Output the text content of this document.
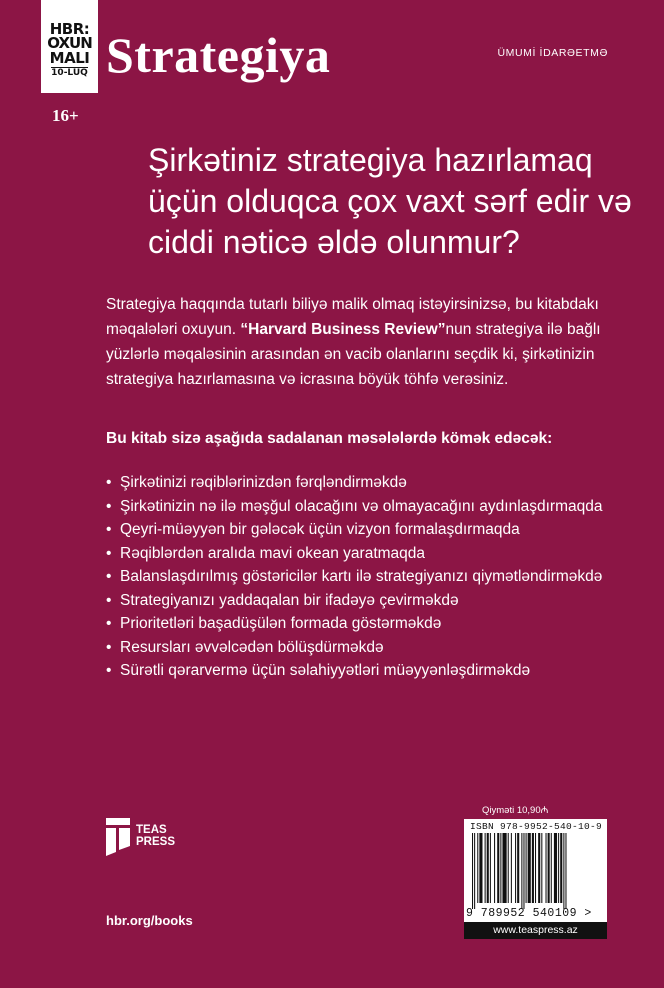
HBR:
OXUN
MALI
10-LUQ
16+
Strategiya	ÜMUMİ İDARƏETMƏ
Şirkətiniz strategiya hazırlamaq üçün olduqca çox vaxt sərf edir və ciddi nəticə əldə olunmur?

Strategiya haqqında tutarlı biliyə malik olmaq istəyirsinizsə, bu kitabdakı məqalələri oxuyun. “Harvard Business Review”nun strategiya ilə bağlı yüzlərlə məqaləsinin arasından ən vacib olanlarını seçdik ki, şirkətinizin strategiya hazırlamasına və icrasına böyük töhfə verəsiniz.

Bu kitab sizə aşağıda sadalanan məsələlərdə kömək edəcək:

• Şirkətinizi rəqiblərinizdən fərqləndirməkdə
• Şirkətinizin nə ilə məşğul olacağını və olmayacağını aydınlaşdırmaqda
• Qeyri-müəyyən bir gələcək üçün vizyon formalaşdırmaqda
• Rəqiblərdən aralıda mavi okean yaratmaqda
• Balanslaşdırılmış göstəricilər kartı ilə strategiyanızı qiymətləndirməkdə
• Strategiyanızı yaddaqalan bir ifadəyə çevirməkdə
• Prioritetləri başadüşülən formada göstərməkdə
• Resursları əvvəlcədən bölüşdürməkdə
• Sürətli qərarvermə üçün səlahiyyətləri müəyyənləşdirməkdə
TEAS
PRESS
hbr.org/books
Qiyməti 10,90₼
ISBN 978-9952-540-10-9
9 789952 540109 >
www.teaspress.az
